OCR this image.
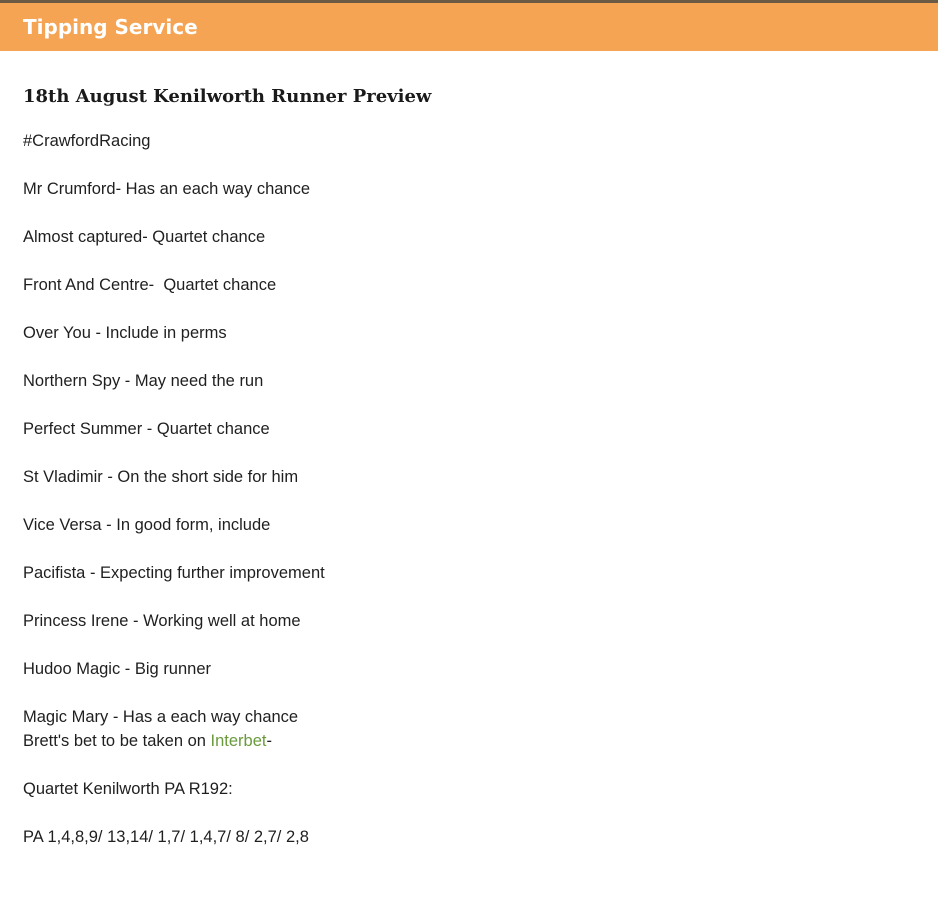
Tipping Service
18th August Kenilworth Runner Preview

#CrawfordRacing

Mr Crumford- Has an each way chance

Almost captured- Quartet chance

Front And Centre-  Quartet chance

Over You - Include in perms

Northern Spy - May need the run

Perfect Summer - Quartet chance

St Vladimir - On the short side for him

Vice Versa - In good form, include

Pacifista - Expecting further improvement

Princess Irene - Working well at home

Hudoo Magic - Big runner

Magic Mary - Has a each way chance

Brett's bet to be taken on Interbet-

Quartet Kenilworth PA R192:

PA 1,4,8,9/ 13,14/ 1,7/ 1,4,7/ 8/ 2,7/ 2,8
